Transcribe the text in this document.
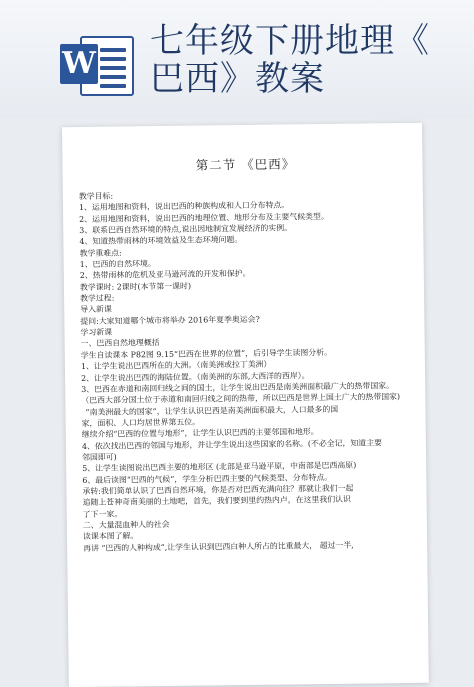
W
七年级下册地理《
巴西》教案
第二节 《巴西》
教学目标:
1、运用地图和资料，说出巴西的种族构成和人口分布特点。
2、运用地图和资料，说出巴西的地理位置、地形分布及主要气候类型。
3、联系巴西自然环境的特点,说出因地制宜发展经济的实例。
4、知道热带雨林的环境效益及生态环境问题。
教学重难点:
1、巴西的自然环境。
2、热带雨林的危机及亚马逊河流的开发和保护。
教学课时: 2课时(本节第一课时)
教学过程:
导入新课
提问:大家知道哪个城市将举办 2016年夏季奥运会?
学习新课
一、巴西自然地理概括
学生自读课本 P82图 9.15“巴西在世界的位置”，后引导学生读图分析。
1、让学生说出巴西所在的大洲。（南美洲或拉丁美洲）
2、让学生说出巴西的海陆位置。（南美洲的东部,大西洋的西岸）。
3、巴西在赤道和南回归线之间的国土，让学生说出巴西是南美洲面积最广大的热带国家。
（巴西大部分国土位于赤道和南回归线之间的热带，所以巴西是世界上国土广大的热带国家)
“南美洲最大的国家”，让学生认识巴西是南美洲面积最大，人口最多的国
家，面积、人口均居世界第五位。
继续介绍“巴西的位置与地形”，让学生认识巴西的主要邻国和地形。
4、依次找出巴西的邻国与地形，并让学生说出这些国家的名称。(不必全记，知道主要
邻国即可)
5、让学生读图说出巴西主要的地形区 (北部是亚马逊平原，中南部是巴西高原)
6、最后读图“巴西的气候”，学生分析巴西主要的气候类型、分布特点。
承转:我们简单认识了巴西自然环境，你是否对巴西充满向往？那就让我们一起
追随上苍神奇南美丽的土地吧，首先，我们要到里约热内卢，在这里我们认识
了下一家。
二、大量混血种人的社会
读课本图了解。
再讲 “巴西的人种构成”,让学生认识到巴西白种人所占的比重最大， 超过一半,
